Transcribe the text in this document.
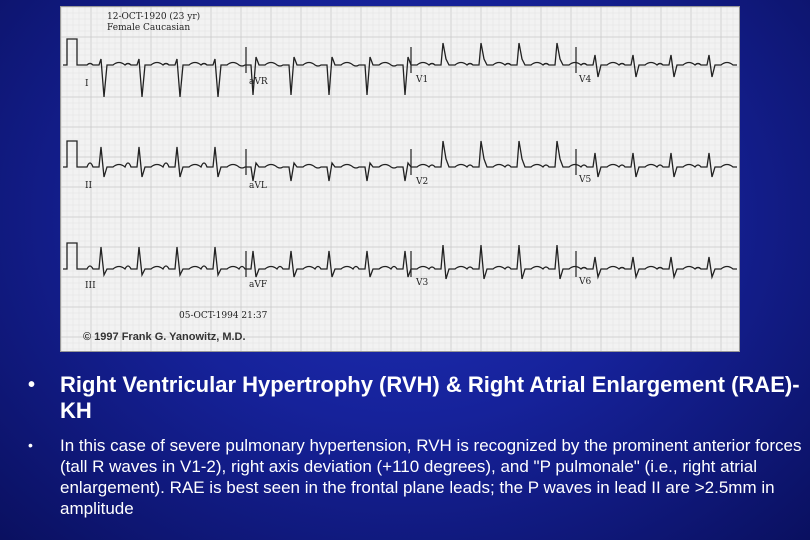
12-OCT-1920 (23 yr)
Female Caucasian
I	aVR	V1	V4
II	aVL	V2	V5
III	aVF	V3	V6
05-OCT-1994 21:37
© 1997 Frank G. Yanowitz, M.D.
•	Right Ventricular Hypertrophy (RVH) & Right Atrial Enlargement (RAE)-KH
•	In this case of severe pulmonary hypertension, RVH is recognized by the prominent anterior forces (tall R waves in V1-2), right axis deviation (+110 degrees), and "P pulmonale" (i.e., right atrial enlargement). RAE is best seen in the frontal plane leads; the P waves in lead II are >2.5mm in amplitude
